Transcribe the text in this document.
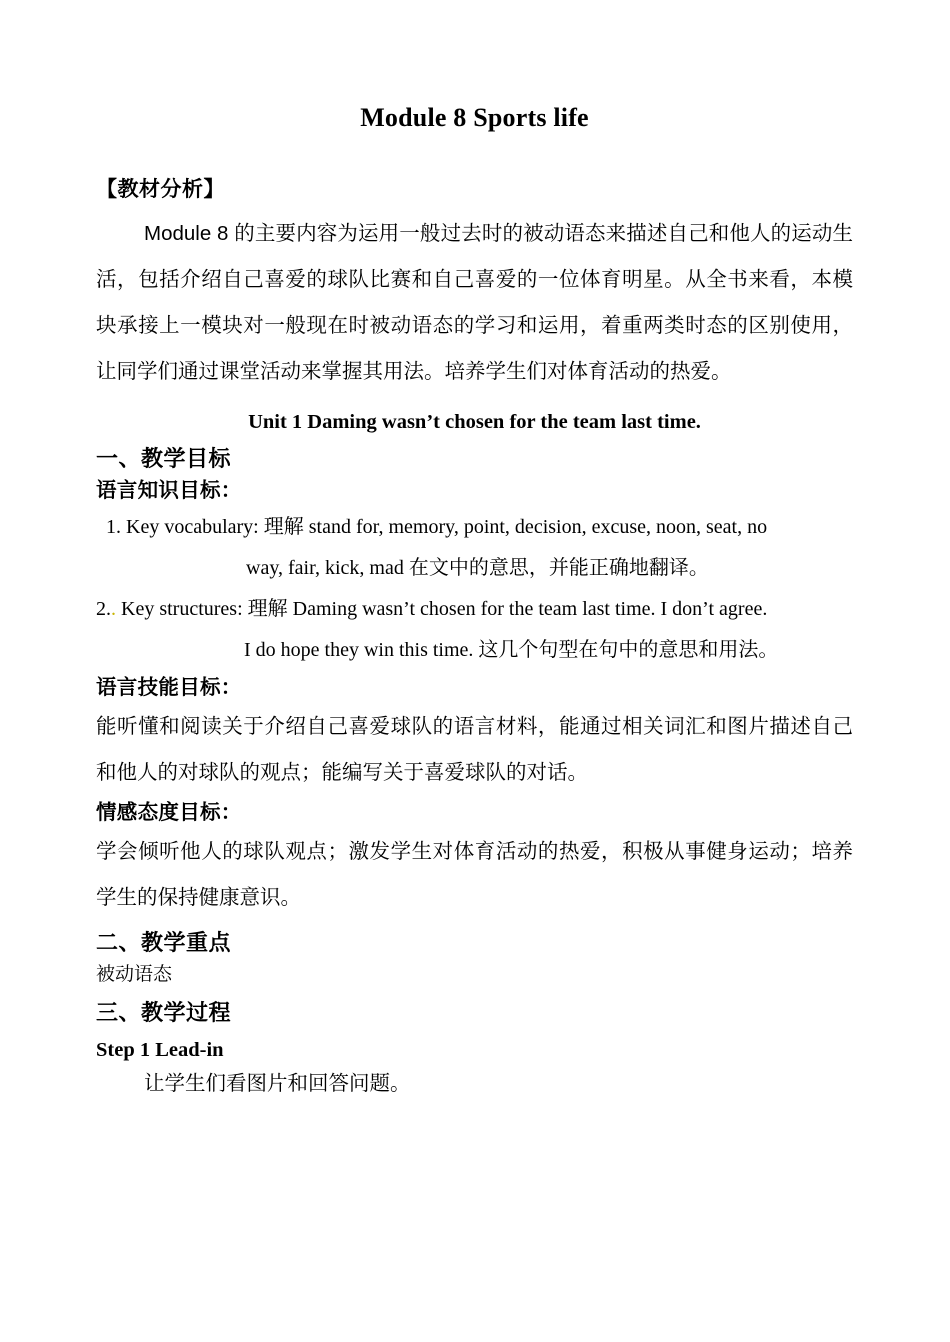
Module 8 Sports life

【教材分析】

Module 8 的主要内容为运用一般过去时的被动语态来描述自己和他人的运动生活，包括介绍自己喜爱的球队比赛和自己喜爱的一位体育明星。从全书来看，本模块承接上一模块对一般现在时被动语态的学习和运用，着重两类时态的区别使用，让同学们通过课堂活动来掌握其用法。培养学生们对体育活动的热爱。

Unit 1 Daming wasn’t chosen for the team last time.

一、教学目标

语言知识目标：

1. Key vocabulary: 理解 stand for, memory, point, decision, excuse, noon, seat, no

way, fair, kick, mad 在文中的意思，并能正确地翻译。

2.. Key structures: 理解 Daming wasn’t chosen for the team last time. I don’t agree.

I do hope they win this time. 这几个句型在句中的意思和用法。

语言技能目标：

能听懂和阅读关于介绍自己喜爱球队的语言材料，能通过相关词汇和图片描述自己和他人的对球队的观点；能编写关于喜爱球队的对话。

情感态度目标：

学会倾听他人的球队观点；激发学生对体育活动的热爱，积极从事健身运动；培养学生的保持健康意识。

二、教学重点

被动语态

三、教学过程

Step 1 Lead-in

让学生们看图片和回答问题。
